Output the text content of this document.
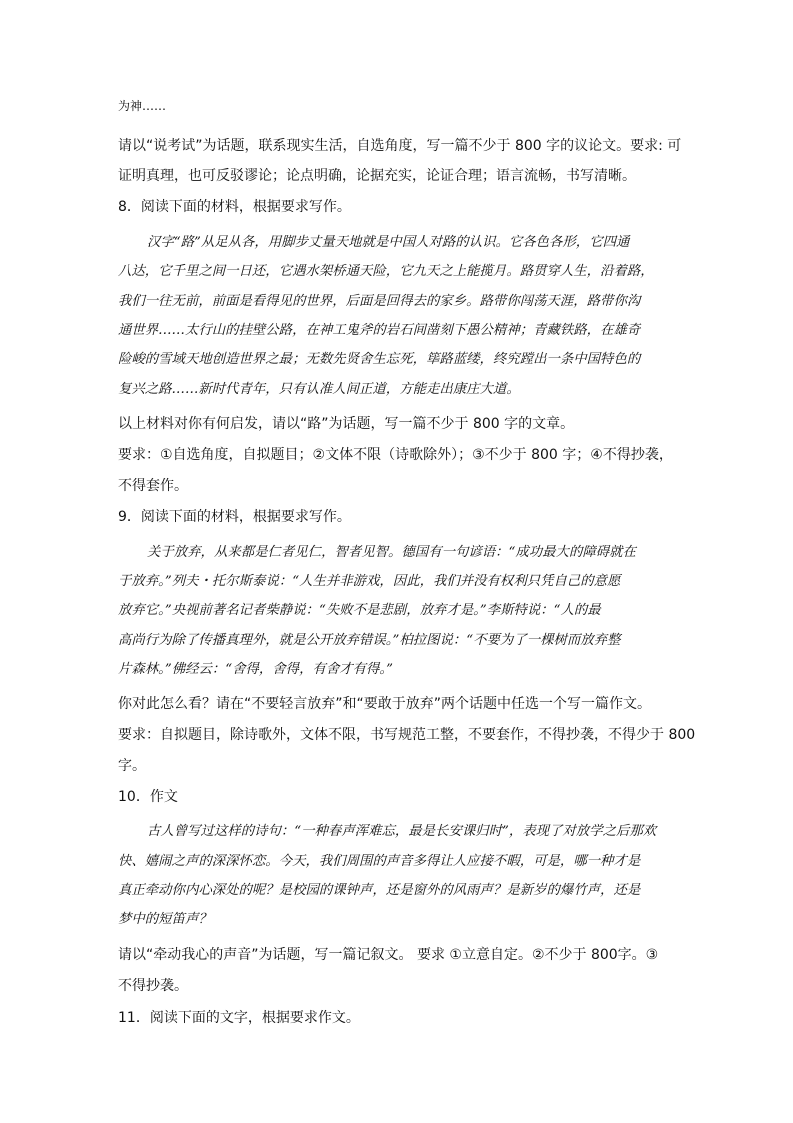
为神……
请以“说考试”为话题，联系现实生活，自选角度，写一篇不少于 800 字的议论文。要求: 可
证明真理，也可反驳谬论；论点明确，论据充实，论证合理；语言流畅，书写清晰。
8．阅读下面的材料，根据要求写作。
汉字“路”从足从各，用脚步丈量天地就是中国人对路的认识。它各色各形，它四通
八达，它千里之间一日还，它遇水架桥通天险，它九天之上能揽月。路贯穿人生，沿着路，
我们一往无前，前面是看得见的世界，后面是回得去的家乡。路带你闯荡天涯，路带你沟
通世界……太行山的挂壁公路，在神工鬼斧的岩石间凿刻下愚公精神；青藏铁路，在雄奇
险峻的雪域天地创造世界之最；无数先贤舍生忘死，筚路蓝缕，终究蹚出一条中国特色的
复兴之路……新时代青年，只有认准人间正道，方能走出康庄大道。
以上材料对你有何启发，请以“路”为话题，写一篇不少于 800 字的文章。
要求：①自选角度，自拟题目；②文体不限（诗歌除外）；③不少于 800 字；④不得抄袭，
不得套作。
9．阅读下面的材料，根据要求写作。
关于放弃，从来都是仁者见仁，智者见智。德国有一句谚语：“成功最大的障碍就在
于放弃。”列夫・托尔斯泰说：“人生并非游戏，因此，我们并没有权利只凭自己的意愿
放弃它。”央视前著名记者柴静说：“失败不是悲剧，放弃才是。”李斯特说：“人的最
高尚行为除了传播真理外，就是公开放弃错误。”柏拉图说：“不要为了一棵树而放弃整
片森林。”佛经云：“舍得，舍得，有舍才有得。”
你对此怎么看？请在“不要轻言放弃”和“要敢于放弃”两个话题中任选一个写一篇作文。
要求：自拟题目，除诗歌外，文体不限，书写规范工整，不要套作，不得抄袭，不得少于 800
字。
10．作文
古人曾写过这样的诗句：“一种春声浑难忘，最是长安课归时”，表现了对放学之后那欢
快、嬉闹之声的深深怀恋。今天，我们周围的声音多得让人应接不暇，可是，哪一种才是
真正牵动你内心深处的呢？是校园的课钟声，还是窗外的风雨声？是新岁的爆竹声，还是
梦中的短笛声？
请以“牵动我心的声音”为话题，写一篇记叙文。 要求 ①立意自定。②不少于 800字。③
不得抄袭。
11．阅读下面的文字，根据要求作文。
